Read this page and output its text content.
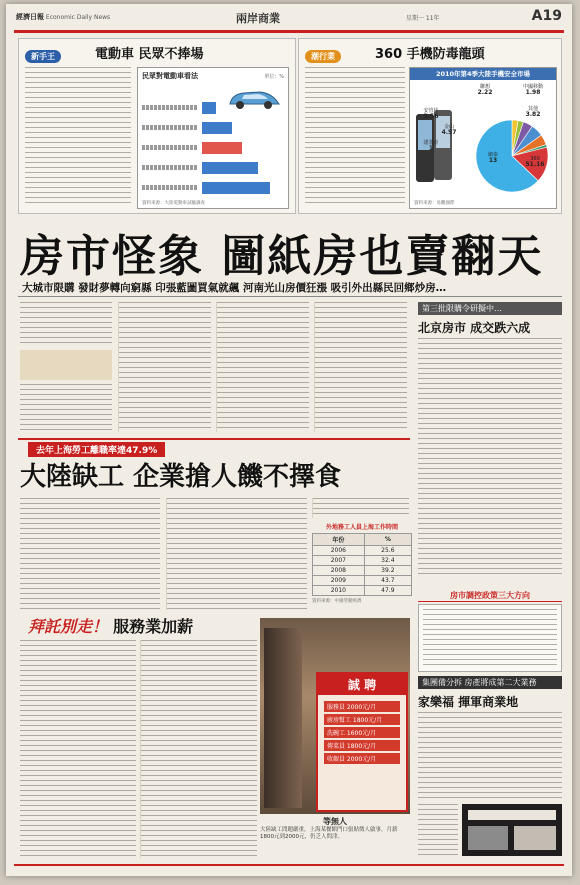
經濟日報 Economic Daily News	兩岸商業	星期一 11年	A19
新手王	電動車 民眾不捧場
民眾對電動車看法	單位：%
資料來源：大陸電動車試驗調查
潮行業	360 手機防毒龍頭
2010年第4季大陸手機安全市場
聯想
2.22
中國移動
1.98
安管佳
3.56
金山
4.57
其他
3.82
諾基亞
1
網秦
13	360
51.16
資料來源：易觀國際
房市怪象 圖紙房也賣翻天
大城市限購 發財夢轉向窮縣 印張藍圖買氣就飆 河南光山房價狂漲 吸引外出縣民回鄉炒房…
第三批限購令研擬中…
北京房市 成交跌六成
去年上海勞工離職率達47.9%
大陸缺工 企業搶人饑不擇食
外地務工人員上海工作時間
年份	%
2006	25.6
2007	32.4
2008	39.2
2009	43.7
2010	47.9
資料來源：中國勞動經濟
房市調控政策三大方向
拜託別走！ 服務業加薪
誠 聘
服務員 2000元/月
廚房幫工 1800元/月
洗碗工 1600元/月
傳菜員 1800元/月
收銀員 2000元/月
等無人
大陸缺工問題嚴重，上海某餐館門口張貼徵人啟事，月薪1800元到2000元，仍乏人問津。
集團備分拆 房產將成第二大業務
家樂福 揮軍商業地
